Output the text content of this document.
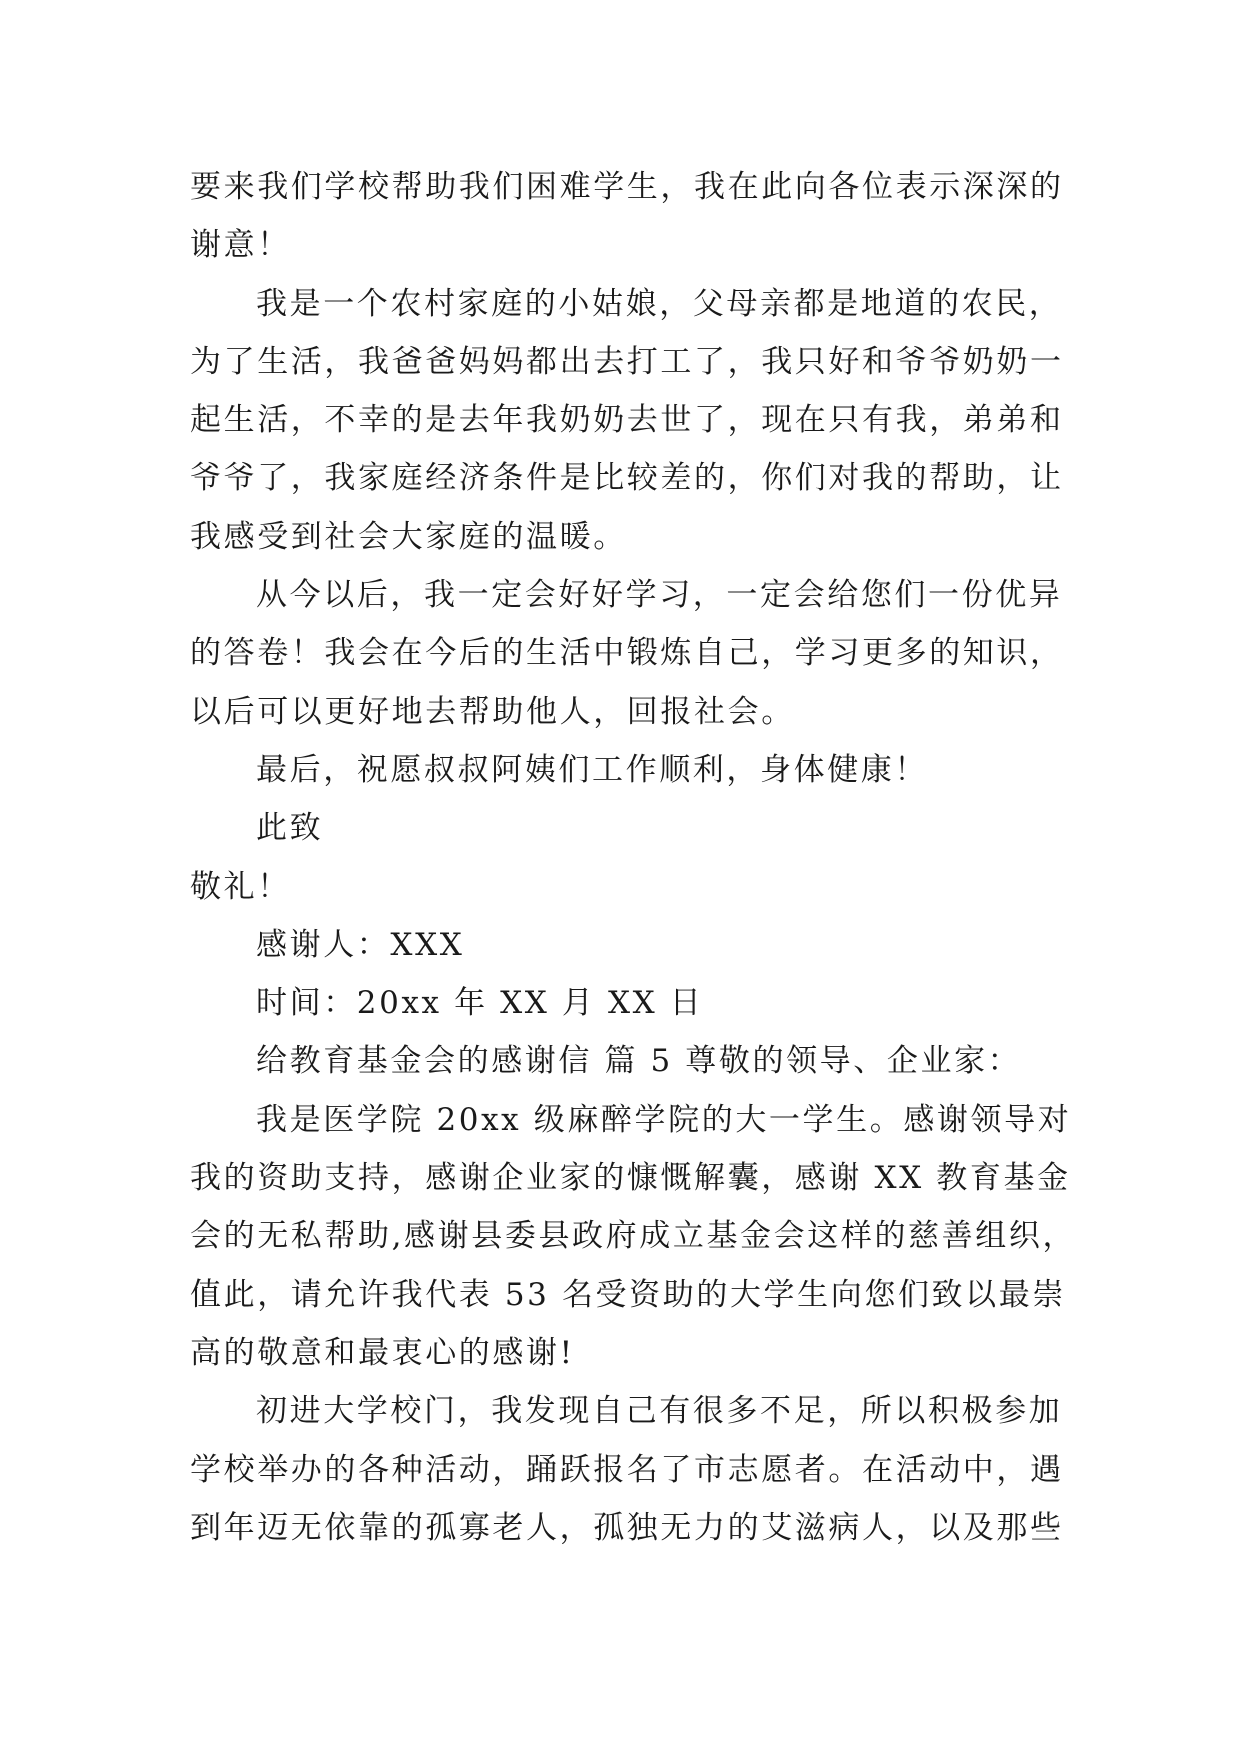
要来我们学校帮助我们困难学生，我在此向各位表示深深的
谢意！
我是一个农村家庭的小姑娘，父母亲都是地道的农民，
为了生活，我爸爸妈妈都出去打工了，我只好和爷爷奶奶一
起生活，不幸的是去年我奶奶去世了，现在只有我，弟弟和
爷爷了，我家庭经济条件是比较差的，你们对我的帮助，让
我感受到社会大家庭的温暖。
从今以后，我一定会好好学习，一定会给您们一份优异
的答卷！我会在今后的生活中锻炼自己，学习更多的知识，
以后可以更好地去帮助他人，回报社会。
最后，祝愿叔叔阿姨们工作顺利，身体健康！
此致
敬礼！
感谢人：XXX
时间：20xx 年 XX 月 XX 日
给教育基金会的感谢信 篇 5 尊敬的领导、企业家：
我是医学院 20xx 级麻醉学院的大一学生。感谢领导对
我的资助支持，感谢企业家的慷慨解囊，感谢 XX 教育基金
会的无私帮助,感谢县委县政府成立基金会这样的慈善组织，
值此，请允许我代表 53 名受资助的大学生向您们致以最崇
高的敬意和最衷心的感谢!
初进大学校门，我发现自己有很多不足，所以积极参加
学校举办的各种活动，踊跃报名了市志愿者。在活动中，遇
到年迈无依靠的孤寡老人，孤独无力的艾滋病人，以及那些
